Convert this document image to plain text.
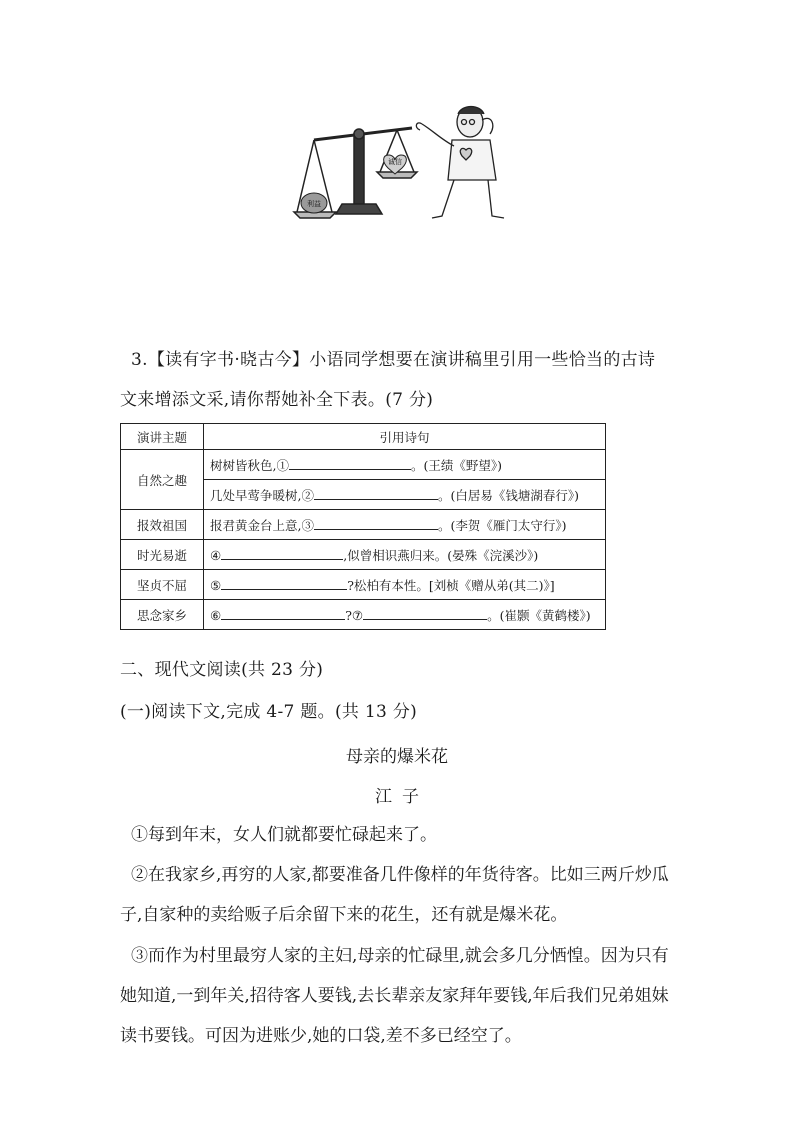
利益
诚信
3.【读有字书·晓古今】小语同学想要在演讲稿里引用一些恰当的古诗
文来增添文采,请你帮她补全下表。(7 分)
演讲主题	引用诗句
自然之趣	树树皆秋色,① 。(王绩《野望》)
	几处早莺争暖树,② 。(白居易《钱塘湖春行》)
报效祖国	报君黄金台上意,③ 。(李贺《雁门太守行》)
时光易逝	④ ,似曾相识燕归来。(晏殊《浣溪沙》)
坚贞不屈	⑤ ?松柏有本性。[刘桢《赠从弟(其二)》]
思念家乡	⑥ ?⑦ 。(崔颢《黄鹤楼》)
二、现代文阅读(共 23 分)
(一)阅读下文,完成 4-7 题。(共 13 分)
母亲的爆米花
江子
①每到年末，女人们就都要忙碌起来了。
②在我家乡,再穷的人家,都要准备几件像样的年货待客。比如三两斤炒瓜子,自家种的卖给贩子后余留下来的花生，还有就是爆米花。
③而作为村里最穷人家的主妇,母亲的忙碌里,就会多几分恓惶。因为只有她知道,一到年关,招待客人要钱,去长辈亲友家拜年要钱,年后我们兄弟姐妹读书要钱。可因为进账少,她的口袋,差不多已经空了。
